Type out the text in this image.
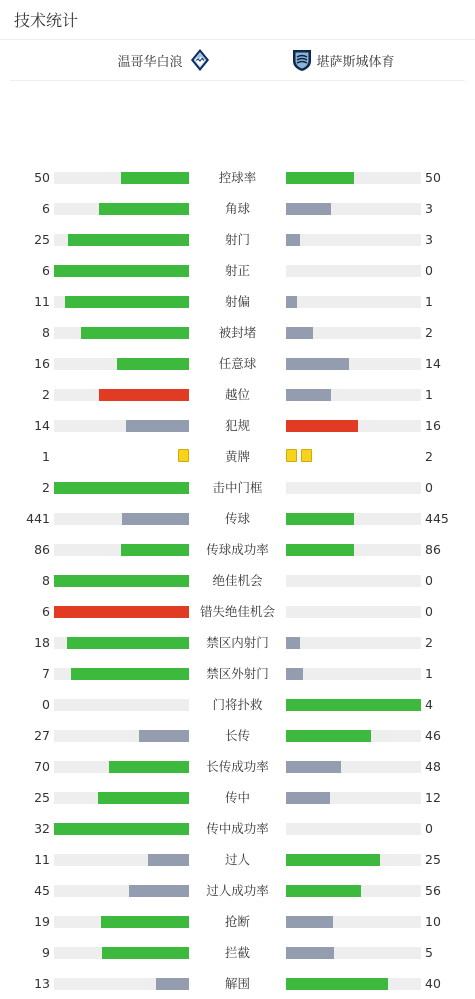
技术统计
温哥华白浪	堪萨斯城体育
50	控球率	50
6	角球	3
25	射门	3
6	射正	0
11	射偏	1
8	被封堵	2
16	任意球	14
2	越位	1
14	犯规	16
1	黄牌	2
2	击中门框	0
441	传球	445
86	传球成功率	86
8	绝佳机会	0
6	错失绝佳机会	0
18	禁区内射门	2
7	禁区外射门	1
0	门将扑救	4
27	长传	46
70	长传成功率	48
25	传中	12
32	传中成功率	0
11	过人	25
45	过人成功率	56
19	抢断	10
9	拦截	5
13	解围	40
